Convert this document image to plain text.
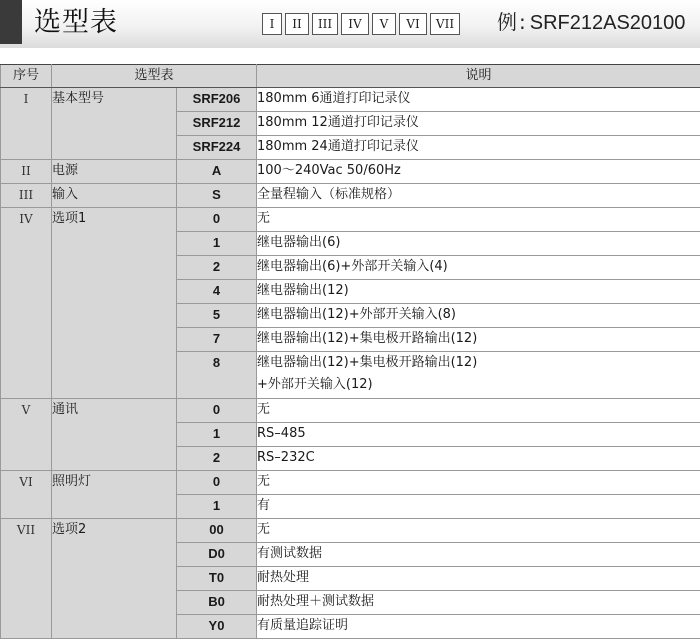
选型表	I	II	III	IV	V	VI	VII 例 : SRF212AS20100
序号	选型表		说明
I	基本型号	SRF206	180mm 6通道打印记录仪

		SRF212	180mm 12通道打印记录仪

		SRF224	180mm 24通道打印记录仪

II	电源	A	100～240Vac 50/60Hz

III	输入	S	全量程输入（标准规格）

IV	选项1	0	无

		1	继电器输出(6)

		2	继电器输出(6)+外部开关输入(4)

		4	继电器输出(12)

		5	继电器输出(12)+外部开关输入(8)

		7	继电器输出(12)+集电极开路输出(12)

		8	继电器输出(12)+集电极开路输出(12)
+外部开关输入(12)

V	通讯	0	无

		1	RS–485

		2	RS–232C

VI	照明灯	0	无

		1	有

VII	选项2	00	无

		D0	有测试数据

		T0	耐热处理

		B0	耐热处理＋测试数据

		Y0	有质量追踪证明
